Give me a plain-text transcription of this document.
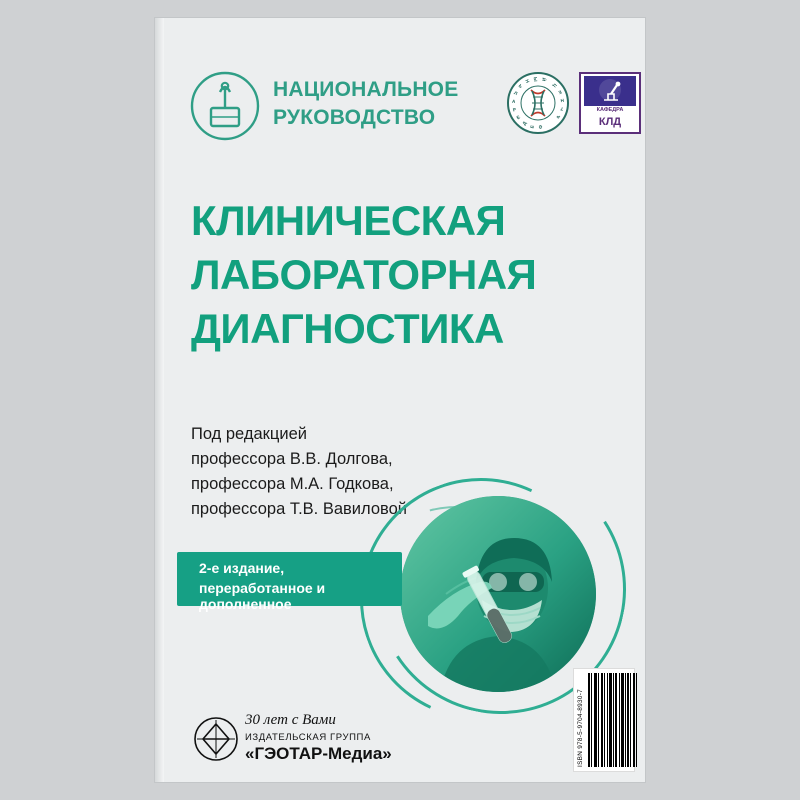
НАЦИОНАЛЬНОЕ
РУКОВОДСТВО	Ф
Е
Д
Е
Р
А
Л
Ь
Н Ы Й
Ц
Е
Н
Т
Р
КАФЕДРА
КЛД
КЛИНИЧЕСКАЯ
ЛАБОРАТОРНАЯ
ДИАГНОСТИКА
Под редакцией
профессора В.В. Долгова,
профессора М.А. Годкова,
профессора Т.В. Вавиловой
2-е издание,
переработанное и дополненное
30 лет с Вами
ИЗДАТЕЛЬСКАЯ ГРУППА
«ГЭОТАР-Медиа»	ISBN 978-5-9704-8930-7
